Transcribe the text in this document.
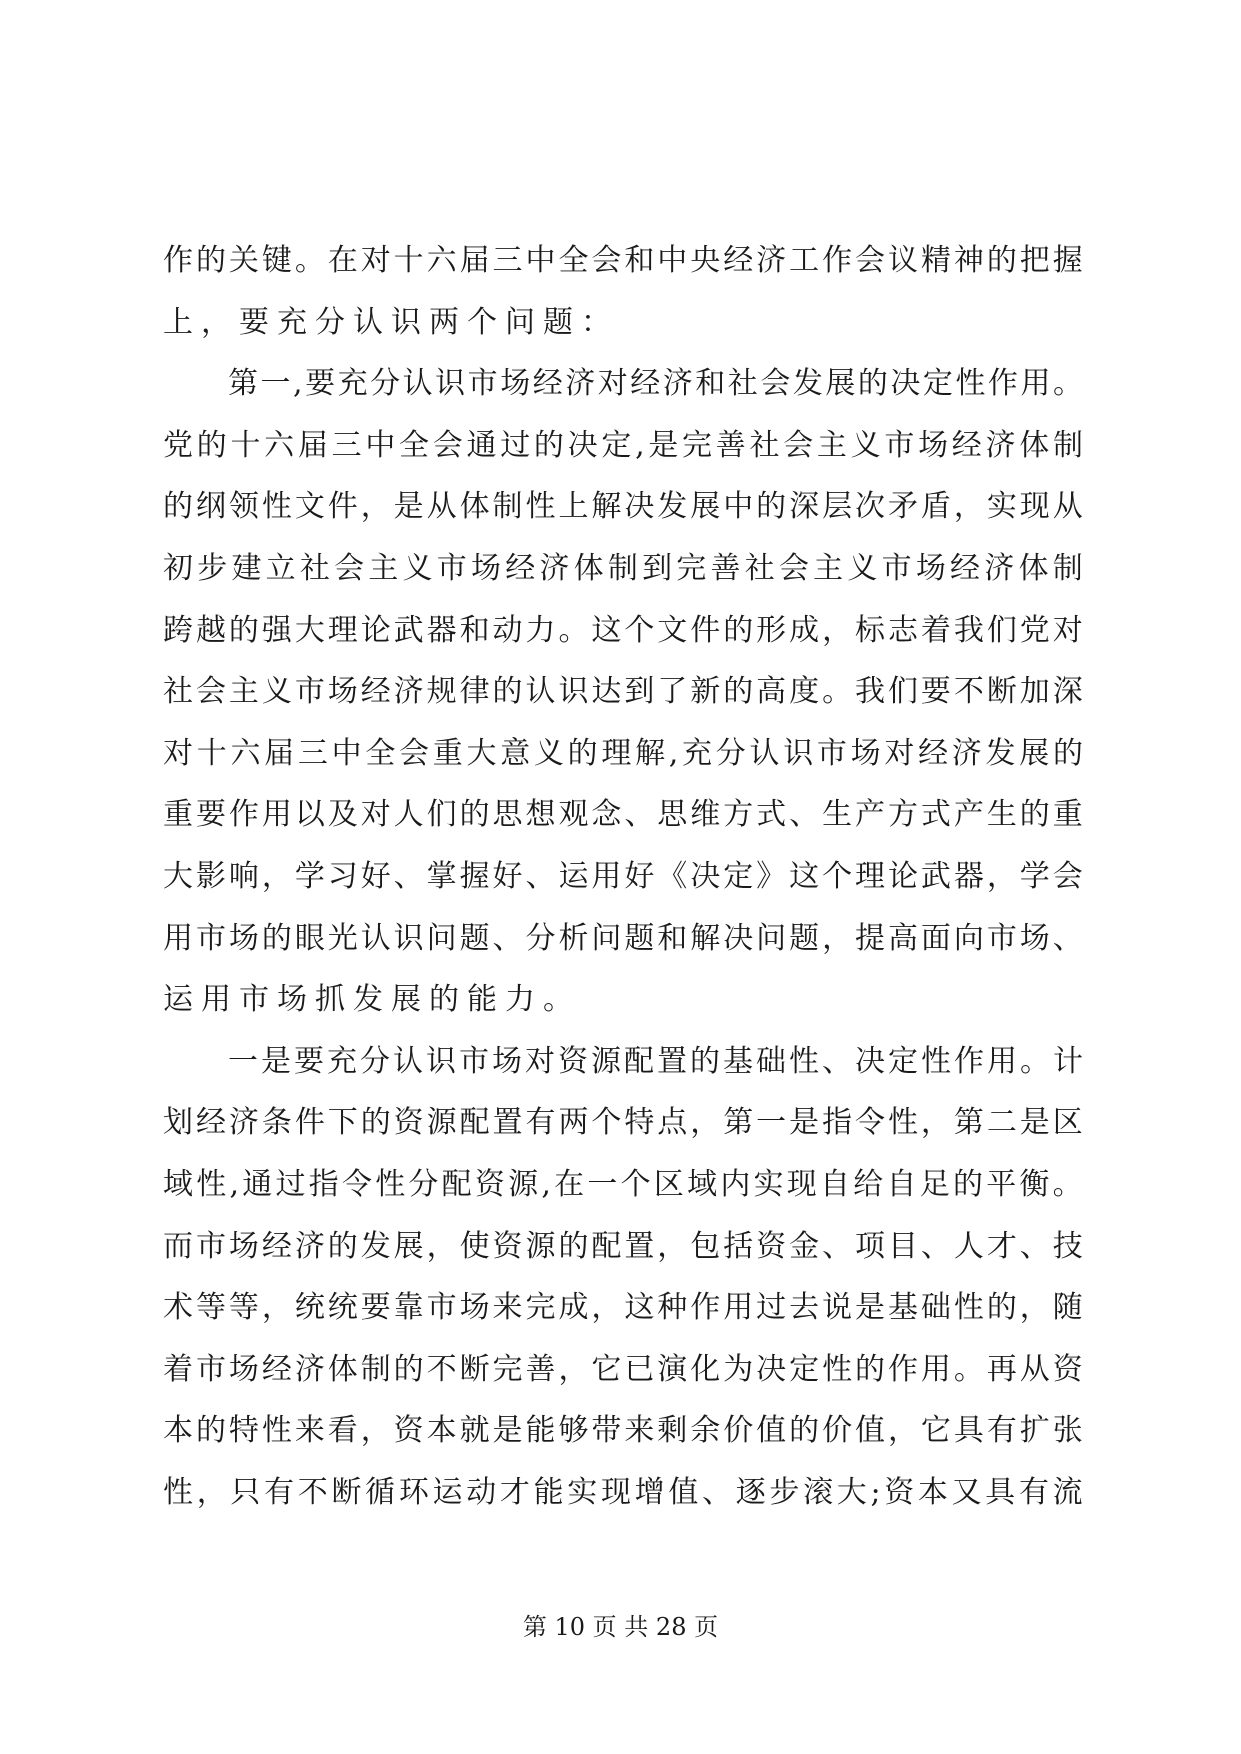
作 的 关 键 。 在 对 十 六 届 三 中 全 会 和 中 央 经 济 工 作 会 议 精 神 的 把 握
上 ， 要 充 分 认 识 两 个 问 题 ：
第 一 , 要 充 分 认 识 市 场 经 济 对 经 济 和 社 会 发 展 的 决 定 性 作 用 。
党 的 十 六 届 三 中 全 会 通 过 的 决 定 , 是 完 善 社 会 主 义 市 场 经 济 体 制
的 纲 领 性 文 件 ， 是 从 体 制 性 上 解 决 发 展 中 的 深 层 次 矛 盾 ， 实 现 从
初 步 建 立 社 会 主 义 市 场 经 济 体 制 到 完 善 社 会 主 义 市 场 经 济 体 制
跨 越 的 强 大 理 论 武 器 和 动 力 。 这 个 文 件 的 形 成 ， 标 志 着 我 们 党 对
社 会 主 义 市 场 经 济 规 律 的 认 识 达 到 了 新 的 高 度 。 我 们 要 不 断 加 深
对 十 六 届 三 中 全 会 重 大 意 义 的 理 解 , 充 分 认 识 市 场 对 经 济 发 展 的
重 要 作 用 以 及 对 人 们 的 思 想 观 念 、 思 维 方 式 、 生 产 方 式 产 生 的 重
大 影 响 ， 学 习 好 、 掌 握 好 、 运 用 好 《 决 定 》 这 个 理 论 武 器 ， 学 会
用 市 场 的 眼 光 认 识 问 题 、 分 析 问 题 和 解 决 问 题 ， 提 高 面 向 市 场 、
运 用 市 场 抓 发 展 的 能 力 。
一 是 要 充 分 认 识 市 场 对 资 源 配 置 的 基 础 性 、 决 定 性 作 用 。 计
划 经 济 条 件 下 的 资 源 配 置 有 两 个 特 点 ， 第 一 是 指 令 性 ， 第 二 是 区
域 性 , 通 过 指 令 性 分 配 资 源 , 在 一 个 区 域 内 实 现 自 给 自 足 的 平 衡 。
而 市 场 经 济 的 发 展 ， 使 资 源 的 配 置 ， 包 括 资 金 、 项 目 、 人 才 、 技
术 等 等 ， 统 统 要 靠 市 场 来 完 成 ， 这 种 作 用 过 去 说 是 基 础 性 的 ， 随
着 市 场 经 济 体 制 的 不 断 完 善 ， 它 已 演 化 为 决 定 性 的 作 用 。 再 从 资
本 的 特 性 来 看 ， 资 本 就 是 能 够 带 来 剩 余 价 值 的 价 值 ， 它 具 有 扩 张
性 ， 只 有 不 断 循 环 运 动 才 能 实 现 增 值 、 逐 步 滚 大 ; 资 本 又 具 有 流
第 10 页 共 28 页
